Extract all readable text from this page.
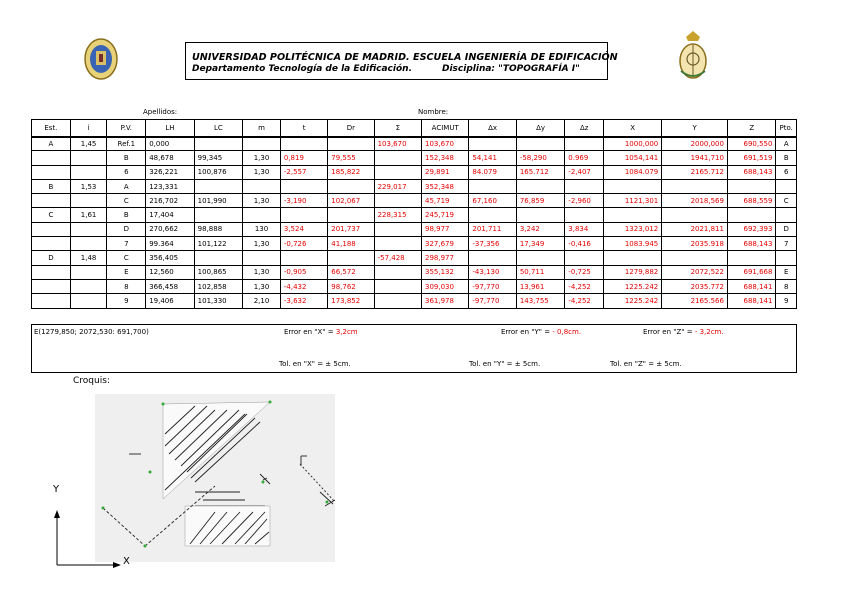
UNIVERSIDAD POLITÉCNICA DE MADRID. ESCUELA INGENIERÍA DE EDIFICACIÓN
Departamento Tecnología de la Edificación.	Disciplina: "TOPOGRAFÍA I"
Apellidos:	Nombre:
Est.	i	P.V.	LH	LC	m	t	Dr	Σ	ACIMUT	Δx	Δy	Δz	X	Y	Z	Pto.
A	1,45	Ref.1	0,000					103,670	103,670				1000,000	2000,000	690,550	A
		B	48,678	99,345	1,30	0,819	79,555		152,348	54,141	-58,290	0.969	1054,141	1941,710	691,519	B
		6	326,221	100,876	1,30	-2,557	185,822		29,891	84.079	165.712	-2,407	1084.079	2165.712	688,143	6
B	1,53	A	123,331					229,017	352,348							
		C	216,702	101,990	1,30	-3,190	102,067		45,719	67,160	76,859	-2,960	1121,301	2018,569	688,559	C
C	1,61	B	17,404					228,315	245,719							
		D	270,662	98,888	130	3,524	201,737		98,977	201,711	3,242	3,834	1323,012	2021,811	692,393	D
		7	99.364	101,122	1,30	-0,726	41,188		327,679	-37,356	17,349	-0,416	1083.945	2035.918	688,143	7
D	1,48	C	356,405					-57,428	298,977							
		E	12,560	100,865	1,30	-0,905	66,572		355,132	-43,130	50,711	-0,725	1279,882	2072,522	691,668	E
		8	366,458	102,858	1,30	-4,432	98,762		309,030	-97,770	13,961	-4,252	1225.242	2035.772	688,141	8
		9	19,406	101,330	2,10	-3,632	173,852		361,978	-97,770	143,755	-4,252	1225.242	2165.566	688,141	9
E(1279,850; 2072,530: 691,700)	Error en "X" = 3,2cm	Error en "Y" = - 0,8cm.	Error en "Z" = - 3,2cm.
Tol. en "X" = ± 5cm.	Tol. en "Y" = ± 5cm.	Tol. en "Z" = ± 5cm.
Croquis:
Y
X
